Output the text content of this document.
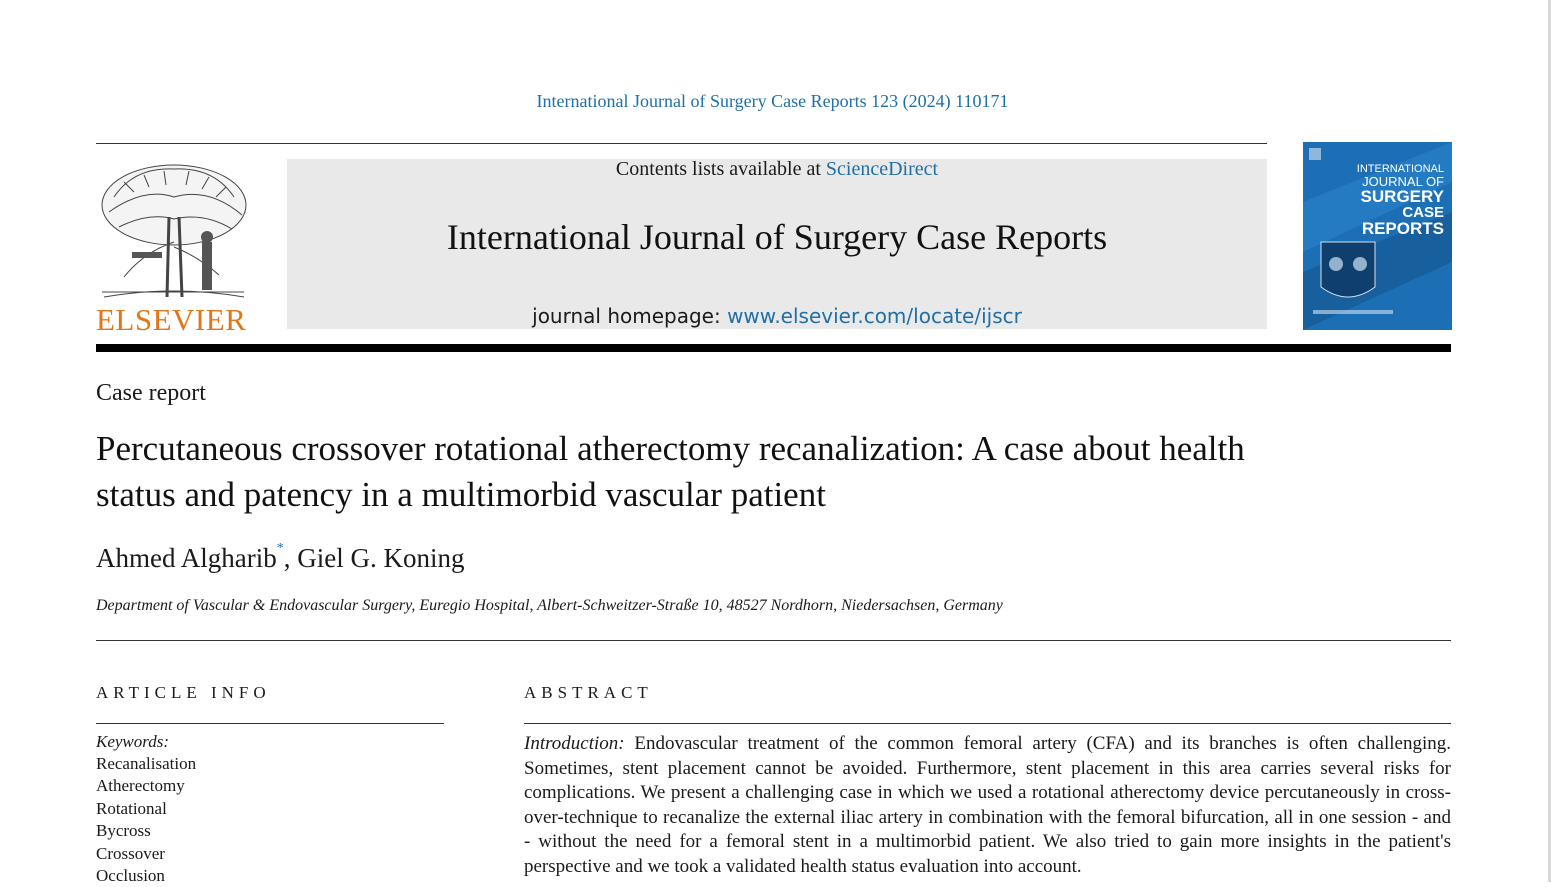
International Journal of Surgery Case Reports 123 (2024) 110171
ELSEVIER
Contents lists available at ScienceDirect
International Journal of Surgery Case Reports
journal homepage: www.elsevier.com/locate/ijscr
INTERNATIONAL
JOURNAL OF
SURGERY
CASE
REPORTS
Case report
Percutaneous crossover rotational atherectomy recanalization: A case about health status and patency in a multimorbid vascular patient
Ahmed Algharib*, Giel G. Koning
Department of Vascular & Endovascular Surgery, Euregio Hospital, Albert-Schweitzer-Straße 10, 48527 Nordhorn, Niedersachsen, Germany
ARTICLE INFO
Keywords:
Recanalisation
Atherectomy
Rotational
Bycross
Crossover
Occlusion
ABSTRACT
Introduction: Endovascular treatment of the common femoral artery (CFA) and its branches is often challenging. Sometimes, stent placement cannot be avoided. Furthermore, stent placement in this area carries several risks for complications. We present a challenging case in which we used a rotational atherectomy device percutaneously in cross-over-technique to recanalize the external iliac artery in combination with the femoral bifurcation, all in one session - and - without the need for a femoral stent in a multimorbid patient. We also tried to gain more insights in the patient's perspective and we took a validated health status evaluation into account.
